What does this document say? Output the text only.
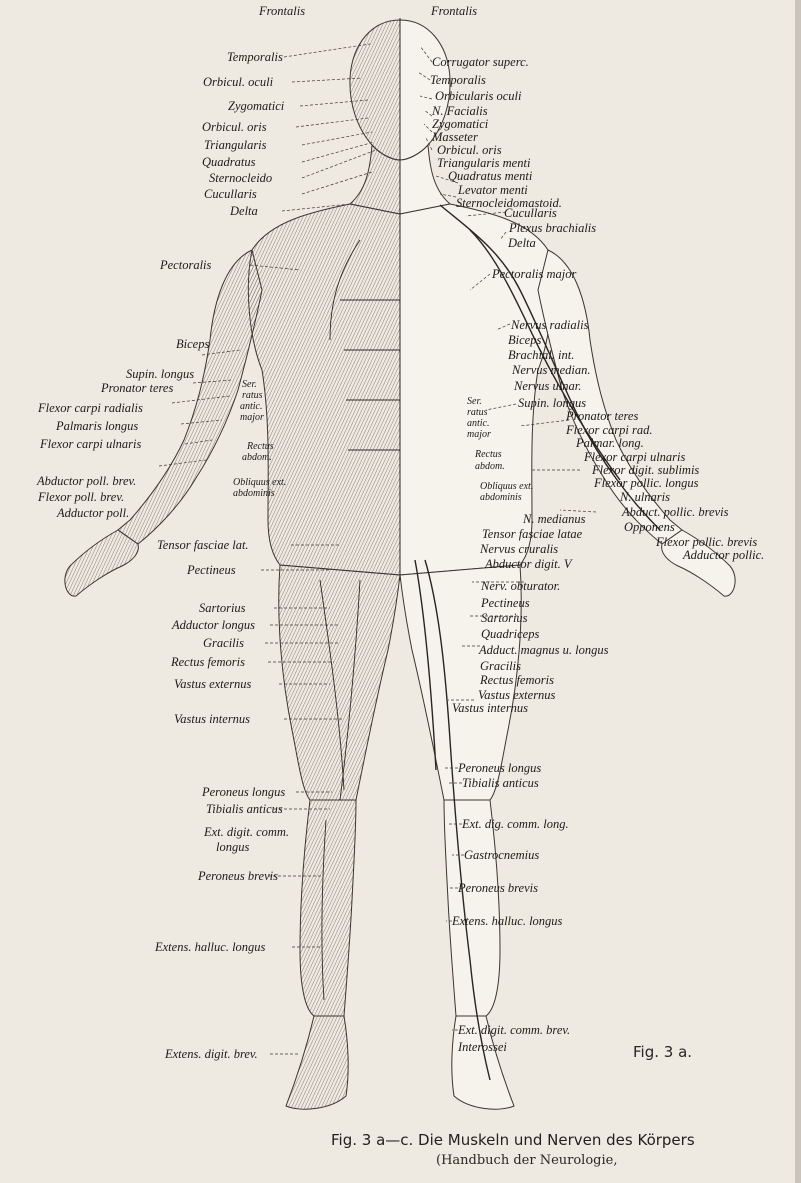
Frontalis
Temporalis
Orbicul. oculi
Zygomatici
Orbicul. oris
Triangularis
Quadratus
Sternocleido
Cucullaris
Delta
Pectoralis
Biceps
Supin. longus
Pronator teres
Flexor carpi radialis
Palmaris longus
Flexor carpi ulnaris
Abductor poll. brev.
Flexor poll. brev.
Adductor poll.
Tensor fasciae lat.
Pectineus
Sartorius
Adductor longus
Gracilis
Rectus femoris
Vastus externus
Vastus internus
Peroneus longus
Tibialis anticus
Ext. digit. comm.
longus
Peroneus brevis
Extens. halluc. longus
Extens. digit. brev.
Frontalis
Corrugator superc.
Temporalis
Orbicularis oculi
N. Facialis
Zygomatici
Masseter
Orbicul. oris
Triangularis menti
Quadratus menti
Levator menti
Sternocleidomastoid.
Cucullaris
Plexus brachialis
Delta
Pectoralis major
Nervus radialis
Biceps
Brachial. int.
Nervus median.
Nervus ulnar.
Supin. longus
Pronator teres
Flexor carpi rad.
Palmar. long.
Flexor carpi ulnaris
Flexor digit. sublimis
Flexor pollic. longus
N. ulnaris
Abduct. pollic. brevis
Opponens
Flexor pollic. brevis
Adductor pollic.
Tensor fasciae latae
Nervus cruralis
N. medianus
Abductor digit. V
Nerv. obturator.
Pectineus
Sartorius
Quadriceps
Adduct. magnus u. longus
Gracilis
Rectus femoris
Vastus externus
Vastus internus
Peroneus longus
Tibialis anticus
Ext. dig. comm. long.
Gastrocnemius
Peroneus brevis
Extens. halluc. longus
Ext. digit. comm. brev.
Interossei
Ser.
ratus
antic.
major
Rectus
abdom.
Obliquus ext.
abdominis
Ser.
ratus
antic.
major
Rectus
abdom.
Obliquus ext.
abdominis
Fig. 3 a.
Fig. 3 a—c. Die Muskeln und Nerven des Körpers
(Handbuch der Neurologie,
